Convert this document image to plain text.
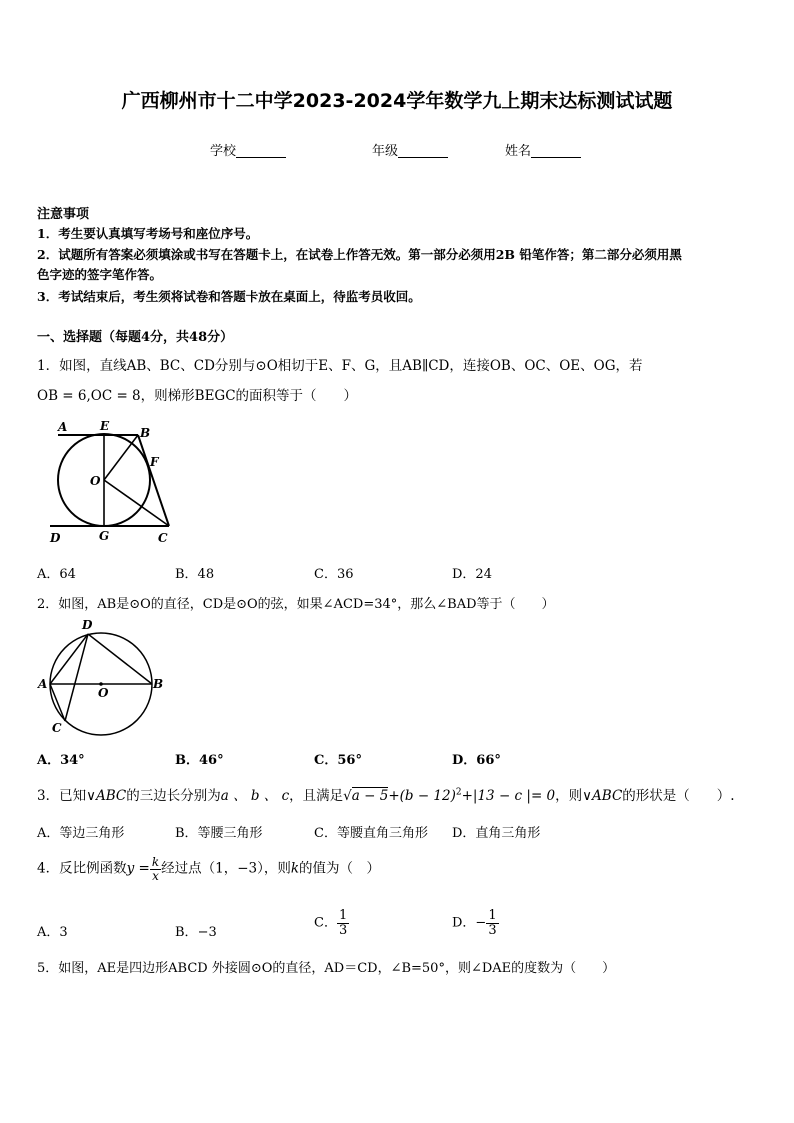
广西柳州市十二中学2023-2024学年数学九上期末达标测试试题
学校	年级	姓名
注意事项
1．考生要认真填写考场号和座位序号。
2．试题所有答案必须填涂或书写在答题卡上，在试卷上作答无效。第一部分必须用2B 铅笔作答；第二部分必须用黑
色字迹的签字笔作答。
3．考试结束后，考生须将试卷和答题卡放在桌面上，待监考员收回。
一、选择题（每题4分，共48分）
1．如图，直线AB、BC、CD分别与⊙O相切于E、F、G，且AB∥CD，连接OB、OC、OE、OG，若
OB = 6,OC = 8，则梯形BEGC的面积等于（　　）
A	E	B
F
O
D	G	C
A．64	B．48	C．36	D．24
2．如图，AB是⊙O的直径，CD是⊙O的弦，如果∠ACD=34°，那么∠BAD等于（　　）
D
A
O
B
C
A．34°	B．46°	C．56°	D．66°
3．已知∨ABC的三边长分别为a 、 b 、 c，且满足$√a - 5+(b - 12)^2+|13 - c$ |= 0，则∨ABC的形状是（　　）.
A．等边三角形	B．等腰三角形	C．等腰直角三角形 D．直角三角形
4．反比例函数$y = \frac{k}{x}$ 经过点（1，−3），则k的值为（　）
A．3	B．−3
C． $\frac{1}{3}$	D．− $\frac{1}{3}$
5．如图，AE是四边形ABCD 外接圆⊙O的直径，AD＝CD，∠B=50°，则∠DAE的度数为（　　）
